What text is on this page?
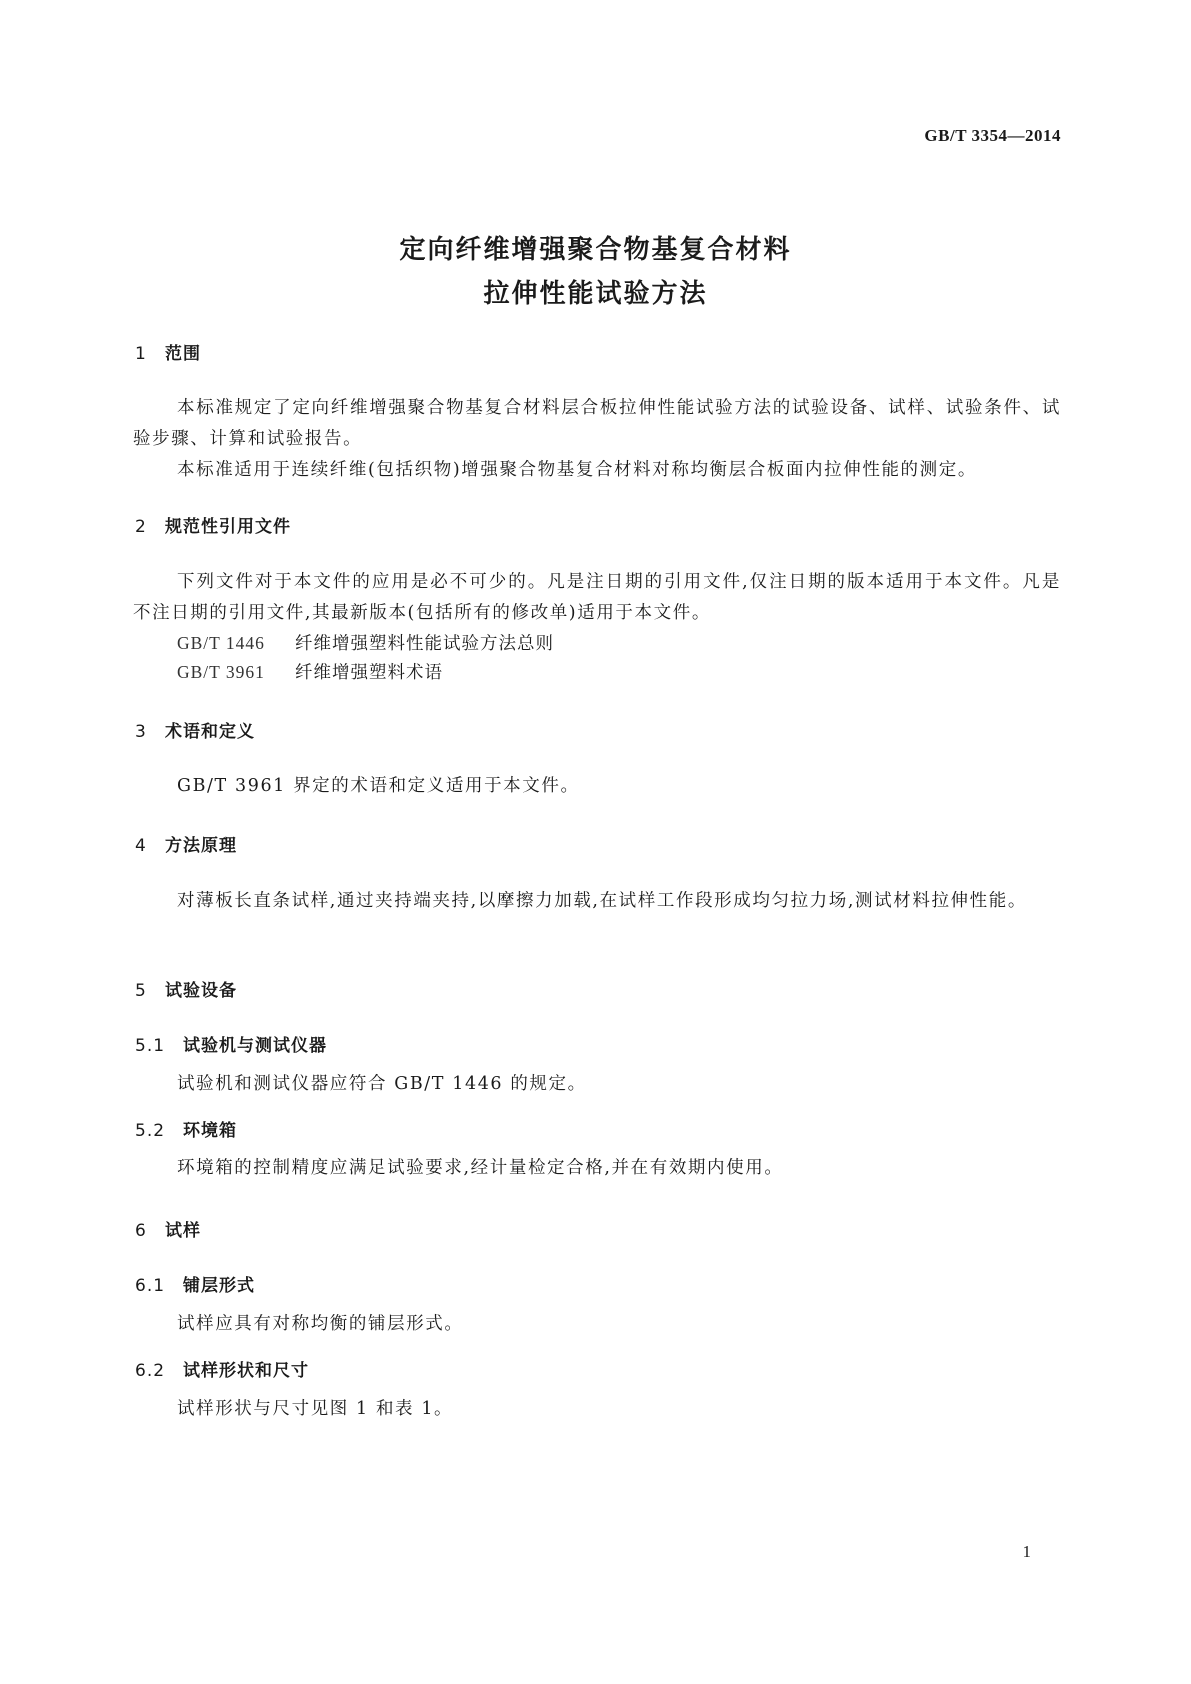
GB/T 3354—2014
定向纤维增强聚合物基复合材料
拉伸性能试验方法
1 范围

本标准规定了定向纤维增强聚合物基复合材料层合板拉伸性能试验方法的试验设备、试样、试验条件、试验步骤、计算和试验报告。

本标准适用于连续纤维(包括织物)增强聚合物基复合材料对称均衡层合板面内拉伸性能的测定。

2 规范性引用文件

下列文件对于本文件的应用是必不可少的。凡是注日期的引用文件,仅注日期的版本适用于本文件。凡是不注日期的引用文件,其最新版本(包括所有的修改单)适用于本文件。

GB/T 1446 纤维增强塑料性能试验方法总则
GB/T 3961 纤维增强塑料术语
3 术语和定义

GB/T 3961 界定的术语和定义适用于本文件。

4 方法原理

对薄板长直条试样,通过夹持端夹持,以摩擦力加载,在试样工作段形成均匀拉力场,测试材料拉伸性能。

5 试验设备
5.1 试验机与测试仪器

试验机和测试仪器应符合 GB/T 1446 的规定。

5.2 环境箱

环境箱的控制精度应满足试验要求,经计量检定合格,并在有效期内使用。

6 试样
6.1 铺层形式

试样应具有对称均衡的铺层形式。

6.2 试样形状和尺寸

试样形状与尺寸见图 1 和表 1。

1
